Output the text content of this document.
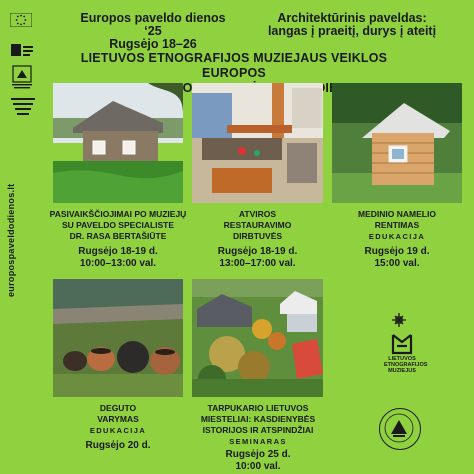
europospaveldodienos.lt
Europos paveldo dienos ‘25
Rugsėjo 18–26
Architektūrinis paveldas:
langas į praeitį, durys į ateitį
LIETUVOS ETNOGRAFIJOS MUZIEJAUS VEIKLOS EUROPOS
PASIVAIKŠČIOJIMAI PO MUZIEJŲ
SU PAVELDO SPECIALISTE
DR. RASA BERTAŠIŪTE
Rugsėjo 18-19 d.
10:00–13:00 val.
ATVIROS
RESTAURAVIMO
DIRBTUVĖS
Rugsėjo 18-19 d.
13:00–17:00 val.
MEDINIO NAMELIO
RENTIMAS
EDUKACIJA
Rugsėjo 19 d.
15:00 val.
DEGUTO
VARYMAS
EDUKACIJA
Rugsėjo 20 d.
TARPUKARIO LIETUVOS
MIESTELIAI: KASDIENYBĖS
ISTORIJOS IR ATSPINDŽIAI
SEMINARAS
Rugsėjo 25 d.
10:00 val.
LIETUVOS
ETNOGRAFIJOS
MUZIEJUS
